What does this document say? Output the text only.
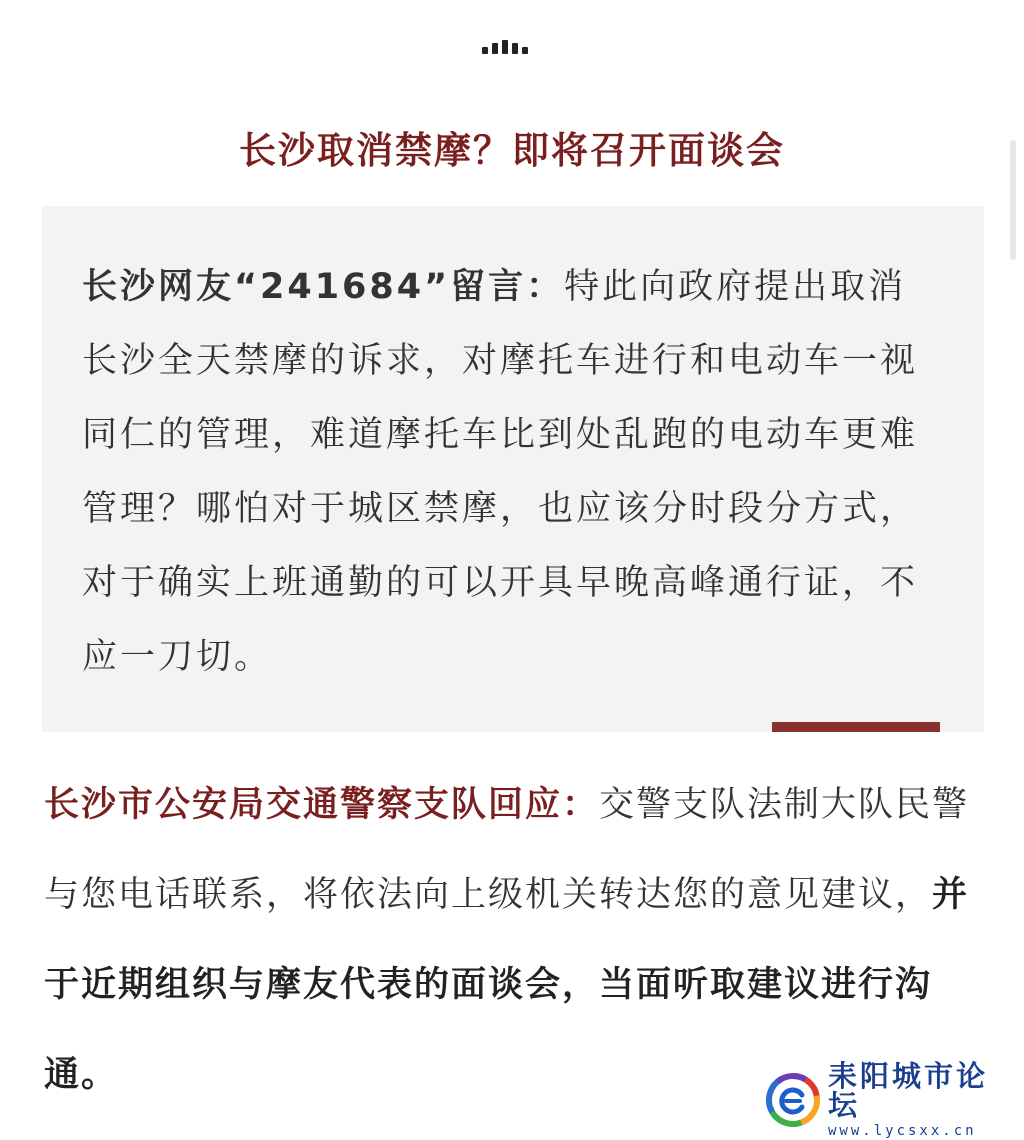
长沙取消禁摩？即将召开面谈会

长沙网友“241684”留言：特此向政府提出取消长沙全天禁摩的诉求，对摩托车进行和电动车一视同仁的管理，难道摩托车比到处乱跑的电动车更难管理？哪怕对于城区禁摩，也应该分时段分方式，对于确实上班通勤的可以开具早晚高峰通行证，不应一刀切。

长沙市公安局交通警察支队回应：交警支队法制大队民警与您电话联系，将依法向上级机关转达您的意见建议，并于近期组织与摩友代表的面谈会，当面听取建议进行沟通。	耒阳城市论坛
www.lycsxx.cn
